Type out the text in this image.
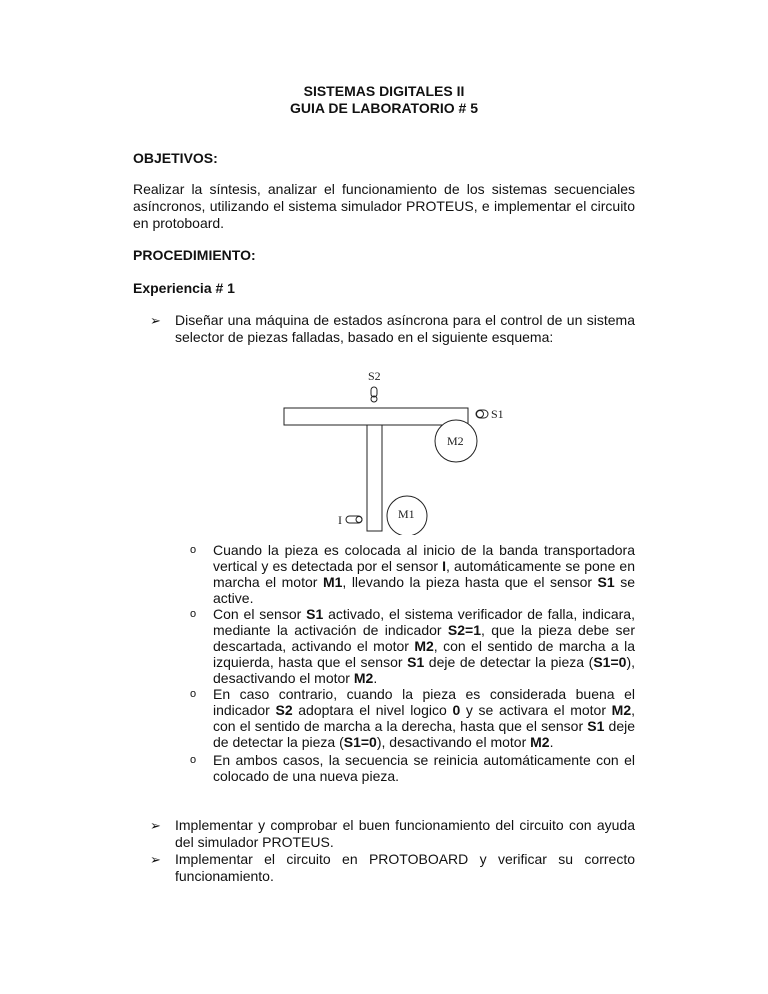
SISTEMAS DIGITALES II
GUIA DE LABORATORIO # 5
OBJETIVOS:
Realizar la síntesis, analizar el funcionamiento de los sistemas secuenciales asíncronos, utilizando el sistema simulador PROTEUS, e implementar el circuito en protoboard.
PROCEDIMIENTO:
Experiencia # 1
➢ Diseñar una máquina de estados asíncrona para el control de un sistema selector de piezas falladas, basado en el siguiente esquema:
S2
S1
M2
M1
I
o Cuando la pieza es colocada al inicio de la banda transportadora vertical y es detectada por el sensor I, automáticamente se pone en marcha el motor M1, llevando la pieza hasta que el sensor S1 se active.
o Con el sensor S1 activado, el sistema verificador de falla, indicara, mediante la activación de indicador S2=1, que la pieza debe ser descartada, activando el motor M2, con el sentido de marcha a la izquierda, hasta que el sensor S1 deje de detectar la pieza (S1=0), desactivando el motor M2.
o En caso contrario, cuando la pieza es considerada buena el indicador S2 adoptara el nivel logico 0 y se activara el motor M2, con el sentido de marcha a la derecha, hasta que el sensor S1 deje de detectar la pieza (S1=0), desactivando el motor M2.
o En ambos casos, la secuencia se reinicia automáticamente con el colocado de una nueva pieza.
➢ Implementar y comprobar el buen funcionamiento del circuito con ayuda del simulador PROTEUS.
➢ Implementar el circuito en PROTOBOARD y verificar su correcto funcionamiento.
